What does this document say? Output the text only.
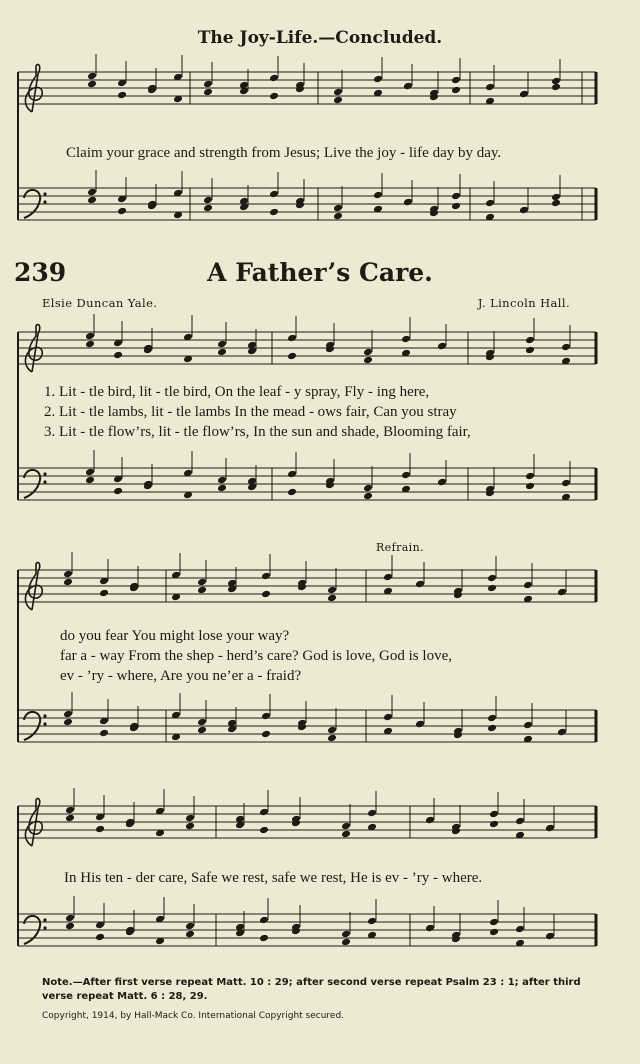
The Joy-Life.—Concluded.
Claim your grace and strength from Jesus; Live the joy - life day by day.
239	A Father’s Care.
Elsie Duncan Yale.	J. Lincoln Hall.
1. Lit - tle bird, lit - tle bird, On the leaf - y spray, Fly - ing here,
2. Lit - tle lambs, lit - tle lambs In the mead - ows fair, Can you stray
3. Lit - tle flow’rs, lit - tle flow’rs, In the sun and shade, Blooming fair,
Refrain.
do you fear You might lose your way?
far a - way From the shep - herd’s care? God is love, God is love,
ev - ’ry - where, Are you ne’er a - fraid?
In His ten - der care, Safe we rest, safe we rest, He is ev - ’ry - where.
Note.—After first verse repeat Matt. 10 : 29; after second verse repeat Psalm 23 : 1; after third verse repeat Matt. 6 : 28, 29.
Copyright, 1914, by Hall-Mack Co. International Copyright secured.
